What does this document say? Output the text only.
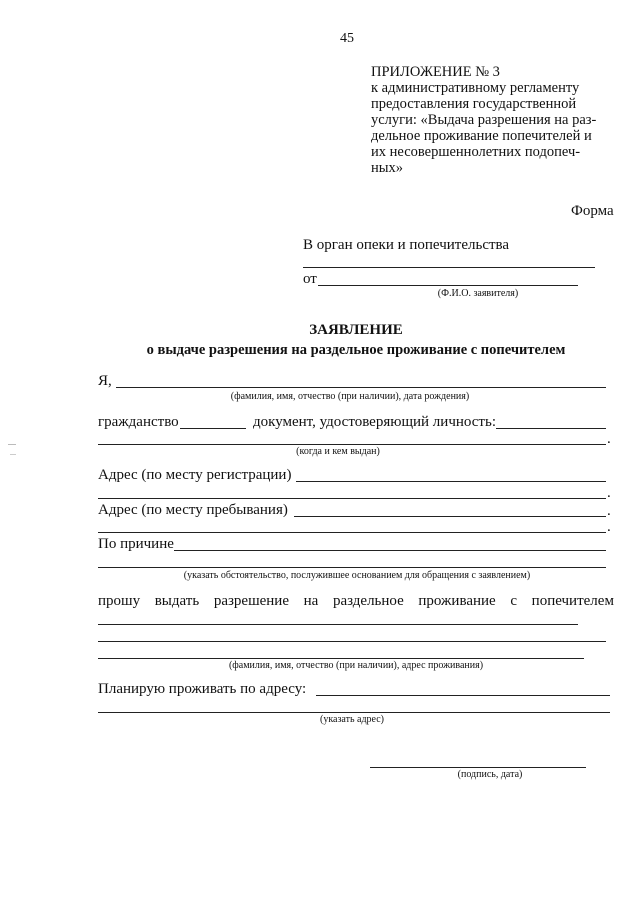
45
ПРИЛОЖЕНИЕ № 3
к административному регламенту
предоставления государственной
услуги: «Выдача разрешения на раз-
дельное проживание попечителей и
их несовершеннолетних подопеч-
ных»
Форма
В орган опеки и попечительства
от
(Ф.И.О. заявителя)
ЗАЯВЛЕНИЕ
о выдаче разрешения на раздельное проживание с попечителем
Я,
(фамилия, имя, отчество (при наличии), дата рождения)
гражданство	документ, удостоверяющий личность:
.
(когда и кем выдан)
Адрес (по месту регистрации)
.
Адрес (по месту пребывания)	.
.
По причине
(указать обстоятельство, послужившее основанием для обращения с заявлением)
прошу выдать разрешение на раздельное проживание с попечителем
(фамилия, имя, отчество (при наличии), адрес проживания)
Планирую проживать по адресу:
(указать адрес)
(подпись, дата)
